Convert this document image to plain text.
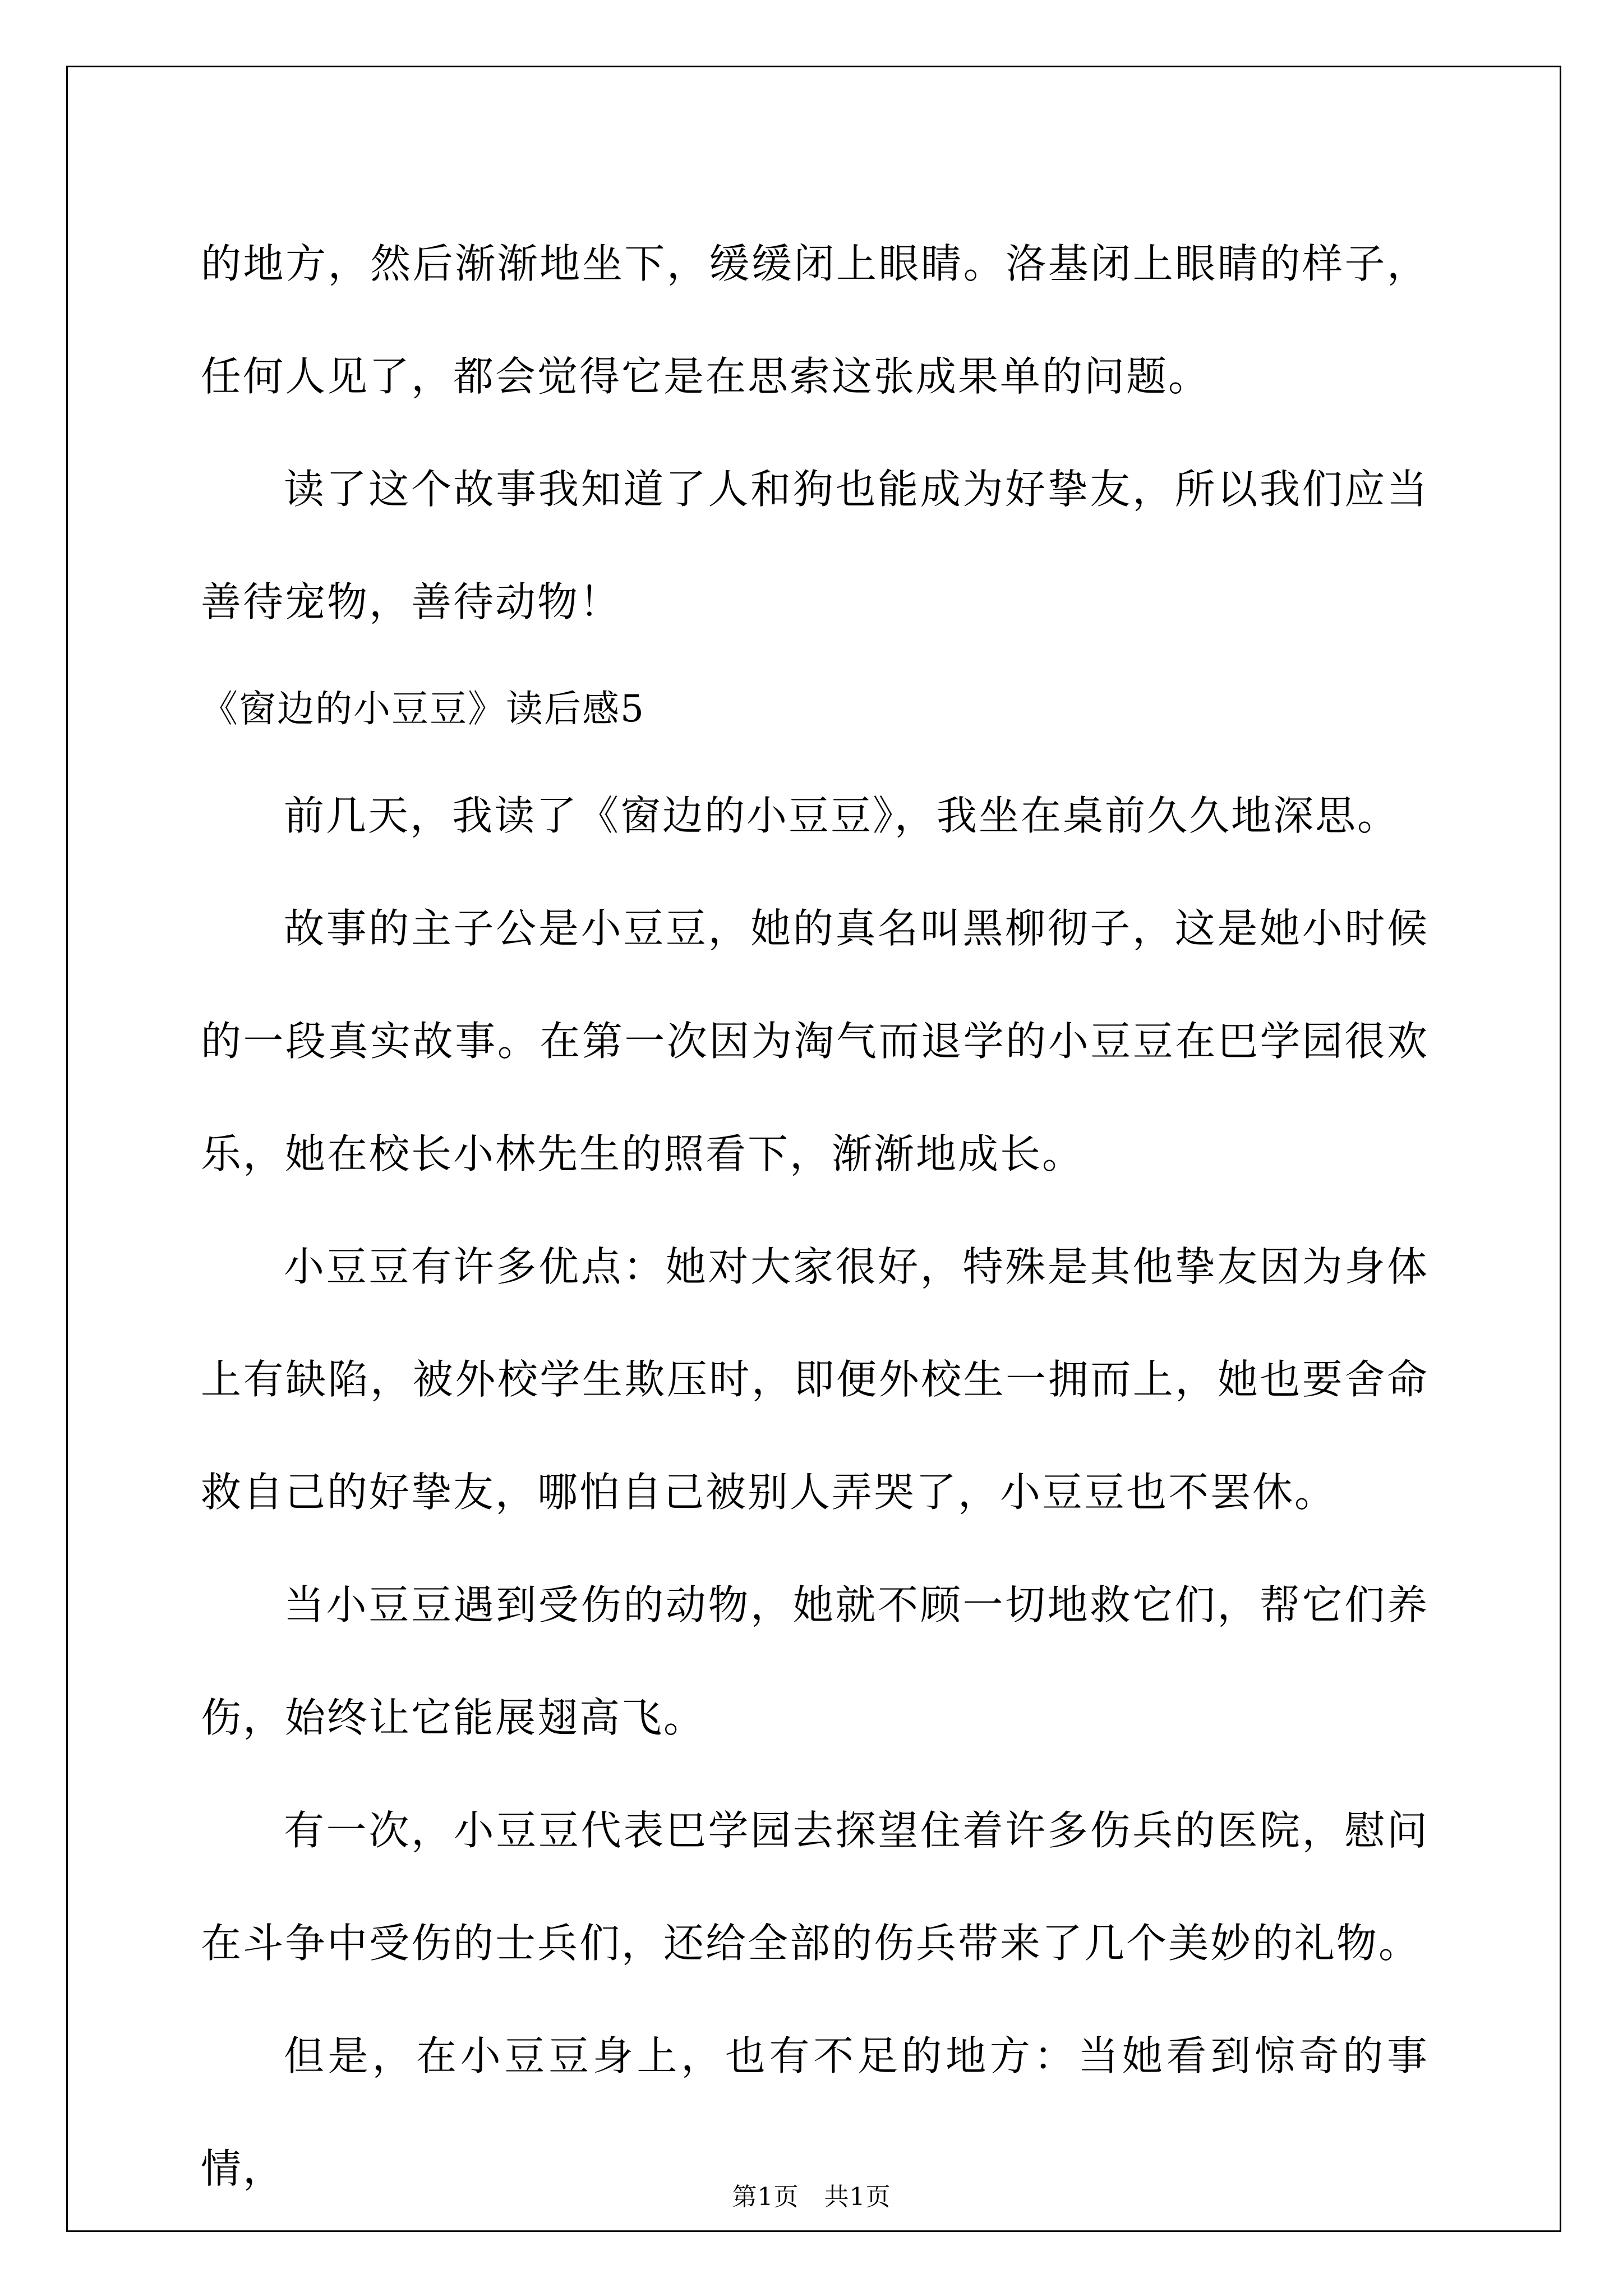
的地方，然后渐渐地坐下，缓缓闭上眼睛。洛基闭上眼睛的样子，任何人见了，都会觉得它是在思索这张成果单的问题。

读了这个故事我知道了人和狗也能成为好挚友，所以我们应当善待宠物，善待动物！

《窗边的小豆豆》读后感5

前几天，我读了《窗边的小豆豆》，我坐在桌前久久地深思。

故事的主子公是小豆豆，她的真名叫黑柳彻子，这是她小时候的一段真实故事。在第一次因为淘气而退学的小豆豆在巴学园很欢乐，她在校长小林先生的照看下，渐渐地成长。

小豆豆有许多优点：她对大家很好，特殊是其他挚友因为身体上有缺陷，被外校学生欺压时，即便外校生一拥而上，她也要舍命救自己的好挚友，哪怕自己被别人弄哭了，小豆豆也不罢休。

当小豆豆遇到受伤的动物，她就不顾一切地救它们，帮它们养伤，始终让它能展翅高飞。

有一次，小豆豆代表巴学园去探望住着许多伤兵的医院，慰问在斗争中受伤的士兵们，还给全部的伤兵带来了几个美妙的礼物。

但是，在小豆豆身上，也有不足的地方：当她看到惊奇的事情，

第1页   共1页
